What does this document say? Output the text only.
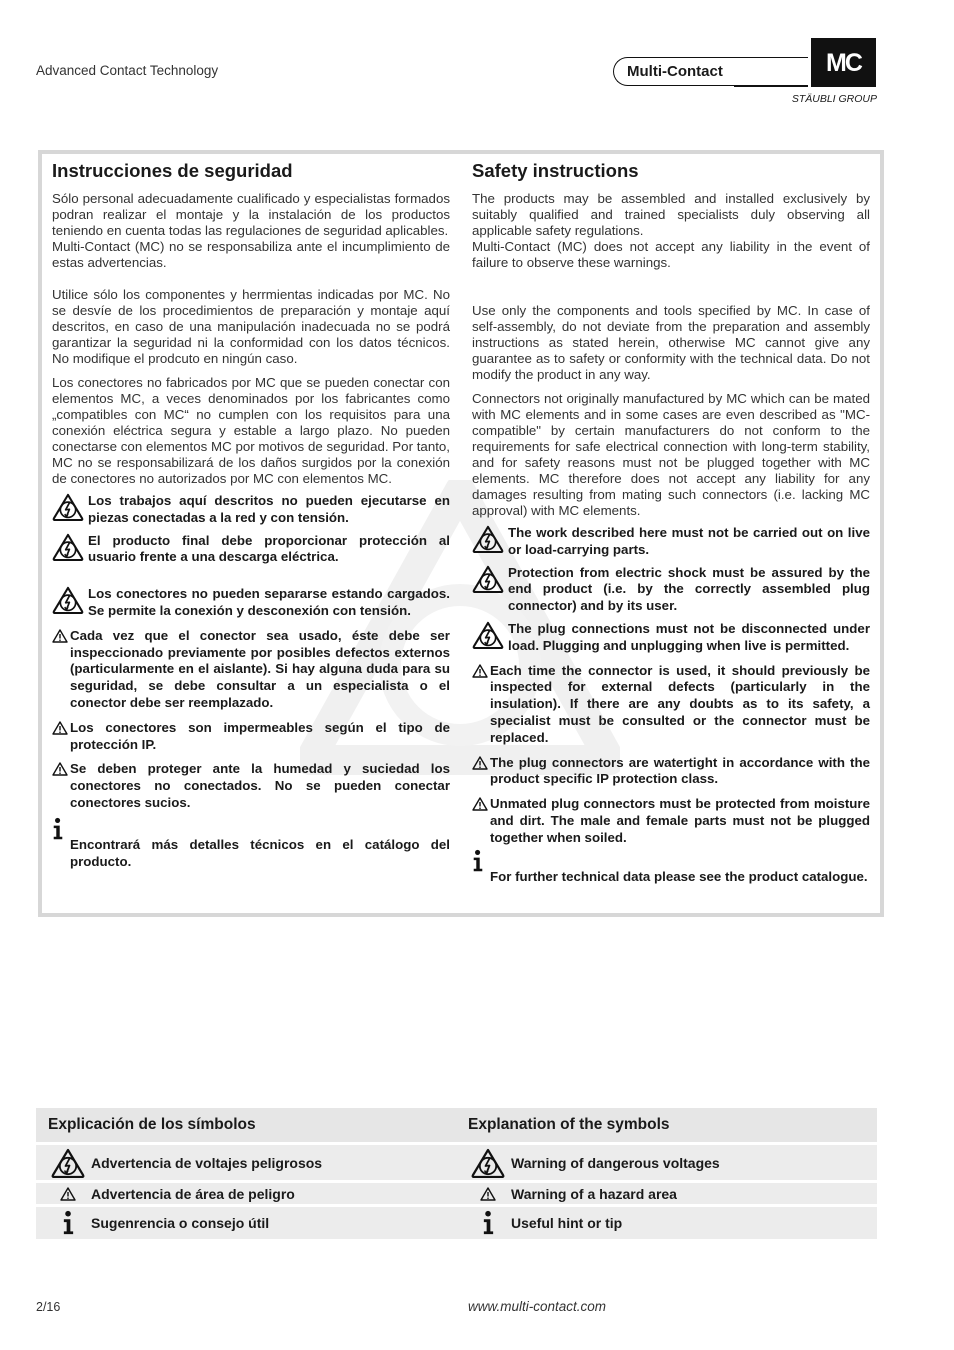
Advanced Contact Technology	Multi-Contact	MC
STÄUBLI GROUP
Instrucciones de seguridad
Sólo personal adecuadamente cualificado y especialistas formados podran realizar el montaje y la instalación de los productos teniendo en cuenta todas las regulaciones de seguridad aplicables.
Multi-Contact (MC) no se responsabiliza ante el incumplimiento de estas advertencias.
Utilice sólo los componentes y herrmientas indicadas por MC. No se desvíe de los procedimientos de preparación y montaje aquí descritos, en caso de una manipulación inadecuada no se podrá garantizar la seguridad ni la conformidad con los datos técnicos. No modifique el prodcuto en ningún caso.
Los conectores no fabricados por MC que se pueden conectar con elementos MC, a veces denominados por los fabricantes como „compatibles con MC“ no cumplen con los requisitos para una conexión eléctrica segura y estable a largo plazo. No pueden conectarse con elementos MC por motivos de seguridad. Por tanto, MC no se responsabilizará de los daños surgidos por la conexión de conectores no autorizados por MC con elementos MC.
Los trabajos aquí descritos no pueden ejecutarse en piezas conectadas a la red y con tensión.
El producto final debe proporcionar protección al usuario frente a una descarga eléctrica.
Los conectores no pueden separarse estando cargados. Se permite la conexión y desconexión con tensión.
Cada vez que el conector sea usado, éste debe ser inspeccionado previamente por posibles defectos externos (particularmente en el aislante). Si hay alguna duda para su seguridad, se debe consultar a un especialista o el conector debe ser reemplazado.
Los conectores son impermeables según el tipo de protección IP.
Se deben proteger ante la humedad y suciedad los conectores no conectados. No se pueden conectar conectores sucios.
Encontrará más detalles técnicos en el catálogo del producto.
Safety instructions
The products may be assembled and installed exclusively by suitably qualified and trained specialists duly observing all applicable safety regulations.
Multi-Contact (MC) does not accept any liability in the event of failure to observe these warnings.
Use only the components and tools specified by MC. In case of self-assembly, do not deviate from the preparation and assembly instructions as stated herein, otherwise MC cannot give any guarantee as to safety or conformity with the technical data. Do not modify the product in any way.
Connectors not originally manufactured by MC which can be mated with MC elements and in some cases are even described as "MC-compatible" by certain manufacturers do not conform to the requirements for safe electrical connection with long-term stability, and for safety reasons must not be plugged together with MC elements. MC therefore does not accept any liability for any damages resulting from mating such connectors (i.e. lacking MC approval) with MC elements.
The work described here must not be carried out on live or load-carrying parts.
Protection from electric shock must be assured by the end product (i.e. by the correctly assembled plug connector) and by its user.
The plug connections must not be disconnected under load. Plugging and unplugging when live is permitted.
Each time the connector is used, it should previously be inspected for external defects (particularly in the insulation). If there are any doubts as to its safety, a specialist must be consulted or the connector must be replaced.
The plug connectors are watertight in accordance with the product specific IP protection class.
Unmated plug connectors must be protected from moisture and dirt. The male and female parts must not be plugged together when soiled.
For further technical data please see the product catalogue.
Explicación de los símbolos	Explanation of the symbols
Advertencia de voltajes peligrosos	Warning of dangerous voltages
Advertencia de área de peligro	Warning of a hazard area
Sugenrencia o consejo útil	Useful hint or tip
2/16	www.multi-contact.com
